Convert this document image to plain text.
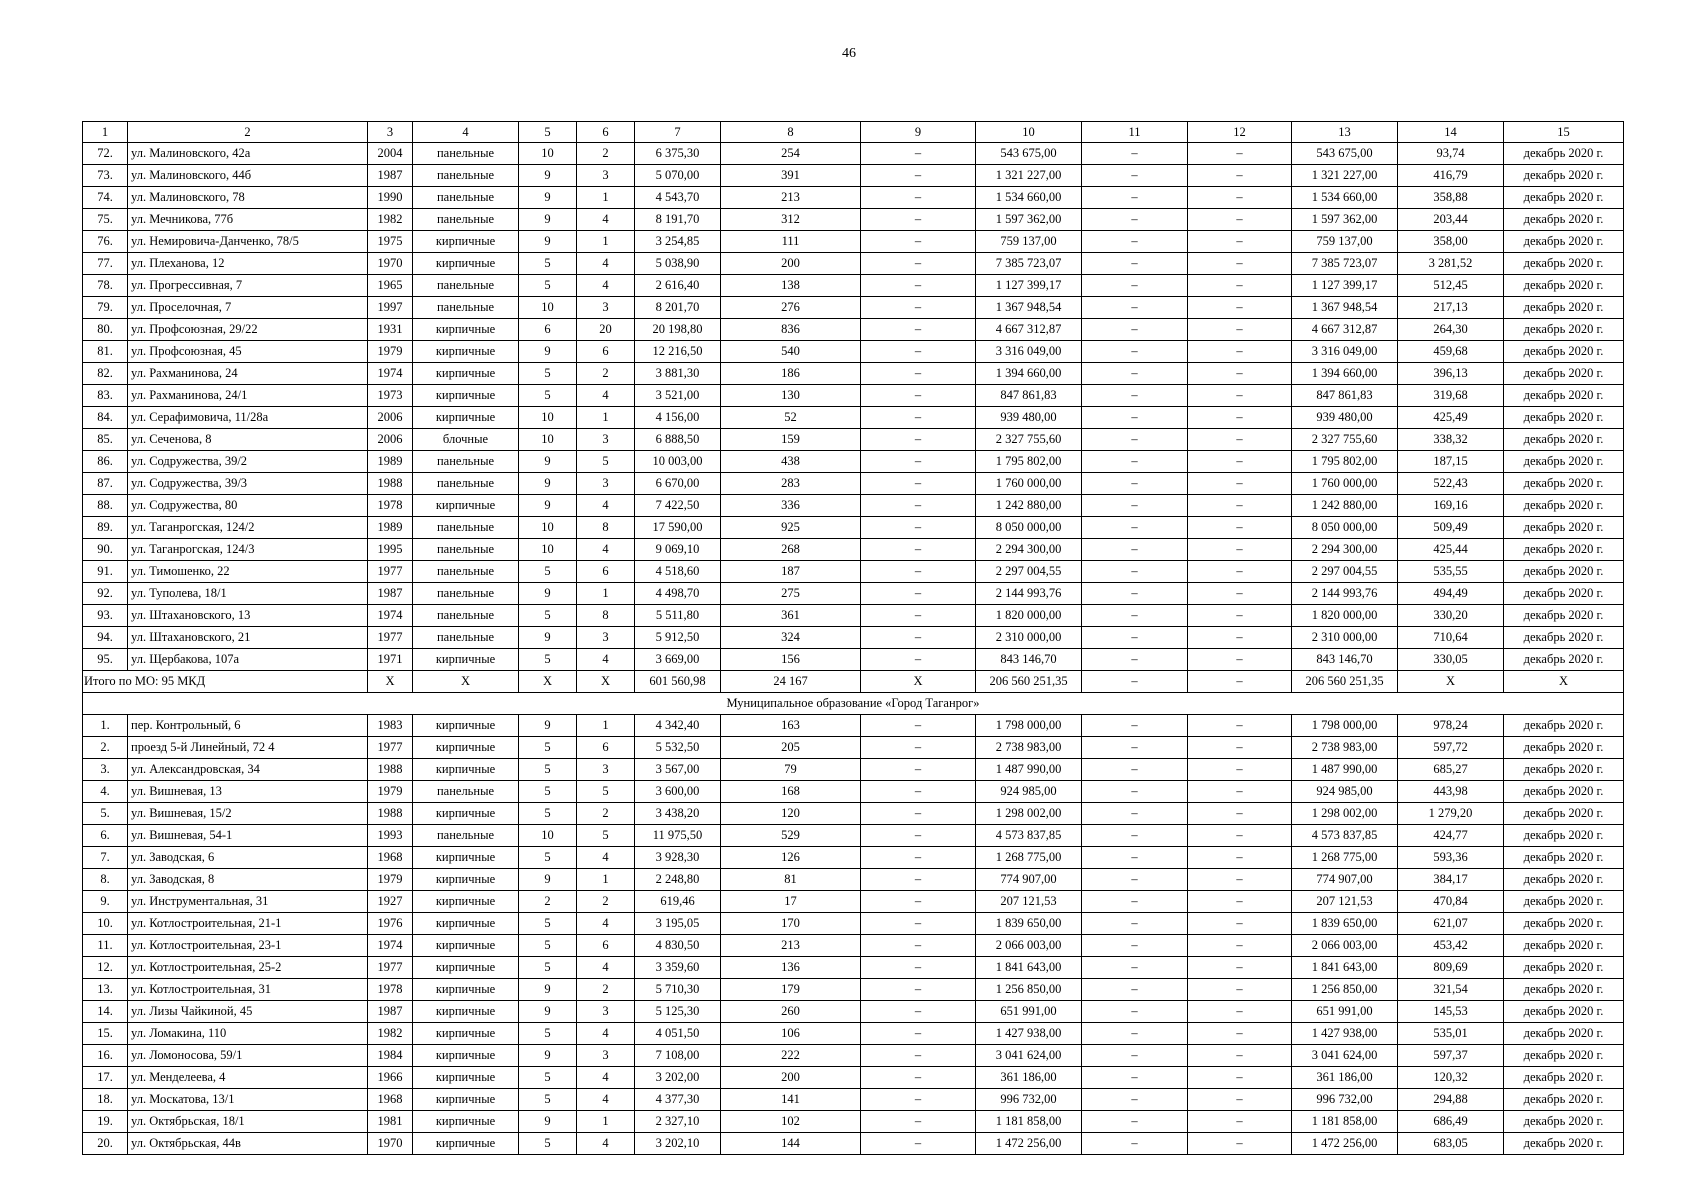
46
1	2	3	4	5	6	7	8	9	10	11	12	13	14	15
72.	ул. Малиновского, 42а	2004	панельные	10	2	6 375,30	254	–	543 675,00	–	–	543 675,00	93,74	декабрь 2020 г.
73.	ул. Малиновского, 44б	1987	панельные	9	3	5 070,00	391	–	1 321 227,00	–	–	1 321 227,00	416,79	декабрь 2020 г.
74.	ул. Малиновского, 78	1990	панельные	9	1	4 543,70	213	–	1 534 660,00	–	–	1 534 660,00	358,88	декабрь 2020 г.
75.	ул. Мечникова, 77б	1982	панельные	9	4	8 191,70	312	–	1 597 362,00	–	–	1 597 362,00	203,44	декабрь 2020 г.
76.	ул. Немировича-Данченко, 78/5	1975	кирпичные	9	1	3 254,85	111	–	759 137,00	–	–	759 137,00	358,00	декабрь 2020 г.
77.	ул. Плеханова, 12	1970	кирпичные	5	4	5 038,90	200	–	7 385 723,07	–	–	7 385 723,07	3 281,52	декабрь 2020 г.
78.	ул. Прогрессивная, 7	1965	панельные	5	4	2 616,40	138	–	1 127 399,17	–	–	1 127 399,17	512,45	декабрь 2020 г.
79.	ул. Проселочная, 7	1997	панельные	10	3	8 201,70	276	–	1 367 948,54	–	–	1 367 948,54	217,13	декабрь 2020 г.
80.	ул. Профсоюзная, 29/22	1931	кирпичные	6	20	20 198,80	836	–	4 667 312,87	–	–	4 667 312,87	264,30	декабрь 2020 г.
81.	ул. Профсоюзная, 45	1979	кирпичные	9	6	12 216,50	540	–	3 316 049,00	–	–	3 316 049,00	459,68	декабрь 2020 г.
82.	ул. Рахманинова, 24	1974	кирпичные	5	2	3 881,30	186	–	1 394 660,00	–	–	1 394 660,00	396,13	декабрь 2020 г.
83.	ул. Рахманинова, 24/1	1973	кирпичные	5	4	3 521,00	130	–	847 861,83	–	–	847 861,83	319,68	декабрь 2020 г.
84.	ул. Серафимовича, 11/28а	2006	кирпичные	10	1	4 156,00	52	–	939 480,00	–	–	939 480,00	425,49	декабрь 2020 г.
85.	ул. Сеченова, 8	2006	блочные	10	3	6 888,50	159	–	2 327 755,60	–	–	2 327 755,60	338,32	декабрь 2020 г.
86.	ул. Содружества, 39/2	1989	панельные	9	5	10 003,00	438	–	1 795 802,00	–	–	1 795 802,00	187,15	декабрь 2020 г.
87.	ул. Содружества, 39/3	1988	панельные	9	3	6 670,00	283	–	1 760 000,00	–	–	1 760 000,00	522,43	декабрь 2020 г.
88.	ул. Содружества, 80	1978	кирпичные	9	4	7 422,50	336	–	1 242 880,00	–	–	1 242 880,00	169,16	декабрь 2020 г.
89.	ул. Таганрогская, 124/2	1989	панельные	10	8	17 590,00	925	–	8 050 000,00	–	–	8 050 000,00	509,49	декабрь 2020 г.
90.	ул. Таганрогская, 124/3	1995	панельные	10	4	9 069,10	268	–	2 294 300,00	–	–	2 294 300,00	425,44	декабрь 2020 г.
91.	ул. Тимошенко, 22	1977	панельные	5	6	4 518,60	187	–	2 297 004,55	–	–	2 297 004,55	535,55	декабрь 2020 г.
92.	ул. Туполева, 18/1	1987	панельные	9	1	4 498,70	275	–	2 144 993,76	–	–	2 144 993,76	494,49	декабрь 2020 г.
93.	ул. Штахановского, 13	1974	панельные	5	8	5 511,80	361	–	1 820 000,00	–	–	1 820 000,00	330,20	декабрь 2020 г.
94.	ул. Штахановского, 21	1977	панельные	9	3	5 912,50	324	–	2 310 000,00	–	–	2 310 000,00	710,64	декабрь 2020 г.
95.	ул. Щербакова, 107а	1971	кирпичные	5	4	3 669,00	156	–	843 146,70	–	–	843 146,70	330,05	декабрь 2020 г.
Итого по МО: 95 МКД		Х	Х	Х	Х	601 560,98	24 167	Х	206 560 251,35	–	–	206 560 251,35	Х	Х
Муниципальное образование «Город Таганрог»														
1.	пер. Контрольный, 6	1983	кирпичные	9	1	4 342,40	163	–	1 798 000,00	–	–	1 798 000,00	978,24	декабрь 2020 г.
2.	проезд 5-й Линейный, 72 4	1977	кирпичные	5	6	5 532,50	205	–	2 738 983,00	–	–	2 738 983,00	597,72	декабрь 2020 г.
3.	ул. Александровская, 34	1988	кирпичные	5	3	3 567,00	79	–	1 487 990,00	–	–	1 487 990,00	685,27	декабрь 2020 г.
4.	ул. Вишневая, 13	1979	панельные	5	5	3 600,00	168	–	924 985,00	–	–	924 985,00	443,98	декабрь 2020 г.
5.	ул. Вишневая, 15/2	1988	кирпичные	5	2	3 438,20	120	–	1 298 002,00	–	–	1 298 002,00	1 279,20	декабрь 2020 г.
6.	ул. Вишневая, 54-1	1993	панельные	10	5	11 975,50	529	–	4 573 837,85	–	–	4 573 837,85	424,77	декабрь 2020 г.
7.	ул. Заводская, 6	1968	кирпичные	5	4	3 928,30	126	–	1 268 775,00	–	–	1 268 775,00	593,36	декабрь 2020 г.
8.	ул. Заводская, 8	1979	кирпичные	9	1	2 248,80	81	–	774 907,00	–	–	774 907,00	384,17	декабрь 2020 г.
9.	ул. Инструментальная, 31	1927	кирпичные	2	2	619,46	17	–	207 121,53	–	–	207 121,53	470,84	декабрь 2020 г.
10.	ул. Котлостроительная, 21-1	1976	кирпичные	5	4	3 195,05	170	–	1 839 650,00	–	–	1 839 650,00	621,07	декабрь 2020 г.
11.	ул. Котлостроительная, 23-1	1974	кирпичные	5	6	4 830,50	213	–	2 066 003,00	–	–	2 066 003,00	453,42	декабрь 2020 г.
12.	ул. Котлостроительная, 25-2	1977	кирпичные	5	4	3 359,60	136	–	1 841 643,00	–	–	1 841 643,00	809,69	декабрь 2020 г.
13.	ул. Котлостроительная, 31	1978	кирпичные	9	2	5 710,30	179	–	1 256 850,00	–	–	1 256 850,00	321,54	декабрь 2020 г.
14.	ул. Лизы Чайкиной, 45	1987	кирпичные	9	3	5 125,30	260	–	651 991,00	–	–	651 991,00	145,53	декабрь 2020 г.
15.	ул. Ломакина, 110	1982	кирпичные	5	4	4 051,50	106	–	1 427 938,00	–	–	1 427 938,00	535,01	декабрь 2020 г.
16.	ул. Ломоносова, 59/1	1984	кирпичные	9	3	7 108,00	222	–	3 041 624,00	–	–	3 041 624,00	597,37	декабрь 2020 г.
17.	ул. Менделеева, 4	1966	кирпичные	5	4	3 202,00	200	–	361 186,00	–	–	361 186,00	120,32	декабрь 2020 г.
18.	ул. Москатова, 13/1	1968	кирпичные	5	4	4 377,30	141	–	996 732,00	–	–	996 732,00	294,88	декабрь 2020 г.
19.	ул. Октябрьская, 18/1	1981	кирпичные	9	1	2 327,10	102	–	1 181 858,00	–	–	1 181 858,00	686,49	декабрь 2020 г.
20.	ул. Октябрьская, 44в	1970	кирпичные	5	4	3 202,10	144	–	1 472 256,00	–	–	1 472 256,00	683,05	декабрь 2020 г.
